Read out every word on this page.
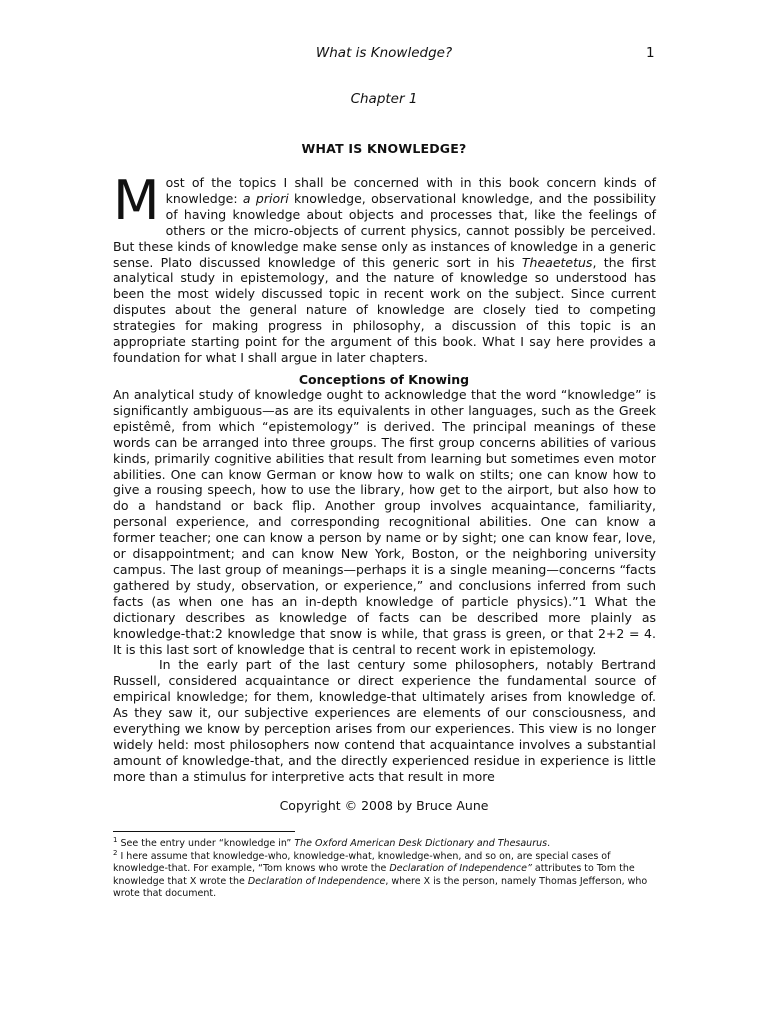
What is Knowledge?	1
Chapter 1
WHAT IS KNOWLEDGE?

Most of the topics I shall be concerned with in this book concern kinds of knowledge: a priori knowledge, observational knowledge, and the possibility of having knowledge about objects and processes that, like the feelings of others or the micro-objects of current physics, cannot possibly be perceived. But these kinds of knowledge make sense only as instances of knowledge in a generic sense. Plato discussed knowledge of this generic sort in his Theaetetus, the first analytical study in epistemology, and the nature of knowledge so understood has been the most widely discussed topic in recent work on the subject. Since current disputes about the general nature of knowledge are closely tied to competing strategies for making progress in philosophy, a discussion of this topic is an appropriate starting point for the argument of this book. What I say here provides a foundation for what I shall argue in later chapters.

Conceptions of Knowing

An analytical study of knowledge ought to acknowledge that the word “knowledge” is significantly ambiguous—as are its equivalents in other languages, such as the Greek epistêmê, from which “epistemology” is derived. The principal meanings of these words can be arranged into three groups. The first group concerns abilities of various kinds, primarily cognitive abilities that result from learning but sometimes even motor abilities. One can know German or know how to walk on stilts; one can know how to give a rousing speech, how to use the library, how get to the airport, but also how to do a handstand or back flip. Another group involves acquaintance, familiarity, personal experience, and corresponding recognitional abilities. One can know a former teacher; one can know a person by name or by sight; one can know fear, love, or disappointment; and can know New York, Boston, or the neighboring university campus. The last group of meanings—perhaps it is a single meaning—concerns “facts gathered by study, observation, or experience,” and conclusions inferred from such facts (as when one has an in-depth knowledge of particle physics).”1 What the dictionary describes as knowledge of facts can be described more plainly as knowledge-that:2 knowledge that snow is while, that grass is green, or that 2+2 = 4. It is this last sort of knowledge that is central to recent work in epistemology.

In the early part of the last century some philosophers, notably Bertrand Russell, considered acquaintance or direct experience the fundamental source of empirical knowledge; for them, knowledge-that ultimately arises from knowledge of. As they saw it, our subjective experiences are elements of our consciousness, and everything we know by perception arises from our experiences. This view is no longer widely held: most philosophers now contend that acquaintance involves a substantial amount of knowledge-that, and the directly experienced residue in experience is little more than a stimulus for interpretive acts that result in more

Copyright © 2008 by Bruce Aune

$^1$ See the entry under “knowledge in” The Oxford American Desk Dictionary and Thesaurus.

$^2$ I here assume that knowledge-who, knowledge-what, knowledge-when, and so on, are special cases of knowledge-that. For example, “Tom knows who wrote the Declaration of Independence” attributes to Tom the knowledge that X wrote the Declaration of Independence, where X is the person, namely Thomas Jefferson, who wrote that document.
